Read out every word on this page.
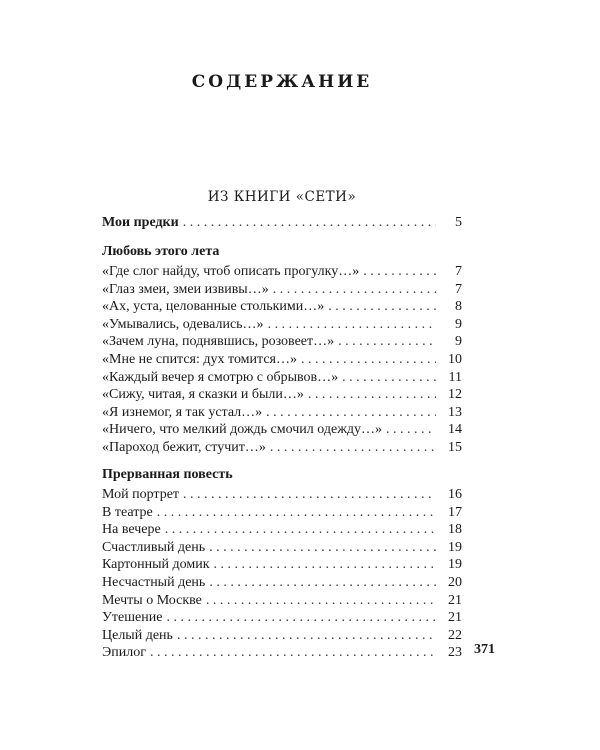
СОДЕРЖАНИЕ
ИЗ КНИГИ «СЕТИ»
Мои предки . . .	5
Любовь этого лета
«Где слог найду, чтоб описать прогулку…» . . .	7
«Глаз змеи, змеи извивы…» . . .	7
«Ах, уста, целованные столькими…» . . .	8
«Умывались, одевались…» . . .	9
«Зачем луна, поднявшись, розовеет…» . . .	9
«Мне не спится: дух томится…» . . .	10
«Каждый вечер я смотрю с обрывов…» . . .	11
«Сижу, читая, я сказки и были…» . . .	12
«Я изнемог, я так устал…» . . .	13
«Ничего, что мелкий дождь смочил одежду…» . . .	14
«Пароход бежит, стучит…» . . .	15
Прерванная повесть
Мой портрет . . .	16
В театре . . .	17
На вечере . . .	18
Счастливый день . . .	19
Картонный домик . . .	19
Несчастный день . . .	20
Мечты о Москве . . .	21
Утешение . . .	21
Целый день . . .	22
Эпилог . . .	23 371
